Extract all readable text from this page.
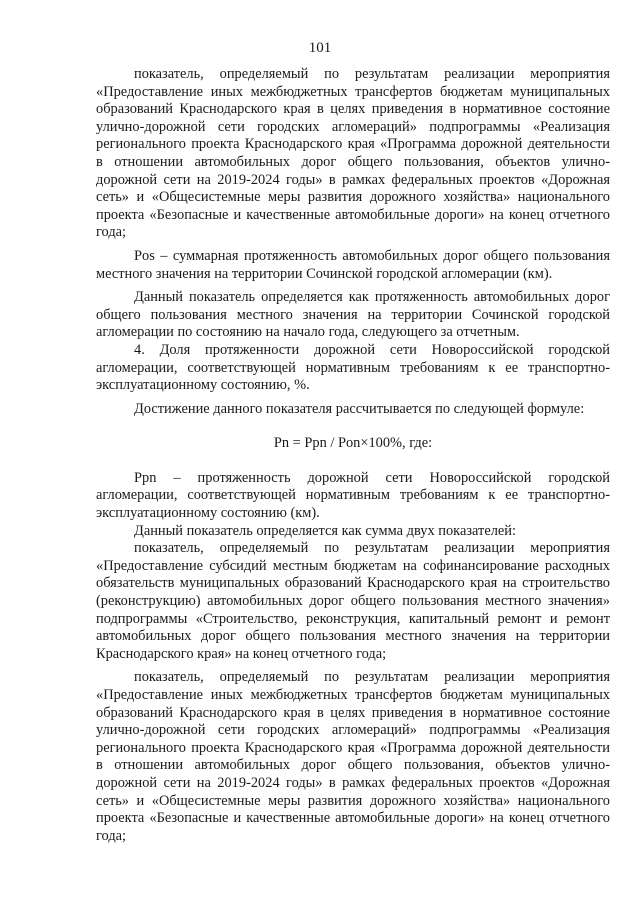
101

показатель, определяемый по результатам реализации мероприятия «Предоставление иных межбюджетных трансфертов бюджетам муниципальных образований Краснодарского края в целях приведения в нормативное состояние улично-дорожной сети городских агломераций» подпрограммы «Реализация регионального проекта Краснодарского края «Программа дорожной деятельности в отношении автомобильных дорог общего пользования, объектов улично-дорожной сети на 2019-2024 годы» в рамках федеральных проектов «Дорожная сеть» и «Общесистемные меры развития дорожного хозяйства» национального проекта «Безопасные и качественные автомобильные дороги» на конец отчетного года;

Pos – суммарная протяженность автомобильных дорог общего пользования местного значения на территории Сочинской городской агломерации (км).

Данный показатель определяется как протяженность автомобильных дорог общего пользования местного значения на территории Сочинской городской агломерации по состоянию на начало года, следующего за отчетным.

4. Доля протяженности дорожной сети Новороссийской городской агломерации, соответствующей нормативным требованиям к ее транспортно-эксплуатационному состоянию, %.

Достижение данного показателя рассчитывается по следующей формуле:

Pn = Ppn / Pon×100%, где:

Ppn – протяженность дорожной сети Новороссийской городской агломерации, соответствующей нормативным требованиям к ее транспортно-эксплуатационному состоянию (км).

Данный показатель определяется как сумма двух показателей:

показатель, определяемый по результатам реализации мероприятия «Предоставление субсидий местным бюджетам на софинансирование расходных обязательств муниципальных образований Краснодарского края на строительство (реконструкцию) автомобильных дорог общего пользования местного значения» подпрограммы «Строительство, реконструкция, капитальный ремонт и ремонт автомобильных дорог общего пользования местного значения на территории Краснодарского края» на конец отчетного года;

показатель, определяемый по результатам реализации мероприятия «Предоставление иных межбюджетных трансфертов бюджетам муниципальных образований Краснодарского края в целях приведения в нормативное состояние улично-дорожной сети городских агломераций» подпрограммы «Реализация регионального проекта Краснодарского края «Программа дорожной деятельности в отношении автомобильных дорог общего пользования, объектов улично-дорожной сети на 2019-2024 годы» в рамках федеральных проектов «Дорожная сеть» и «Общесистемные меры развития дорожного хозяйства» национального проекта «Безопасные и качественные автомобильные дороги» на конец отчетного года;
